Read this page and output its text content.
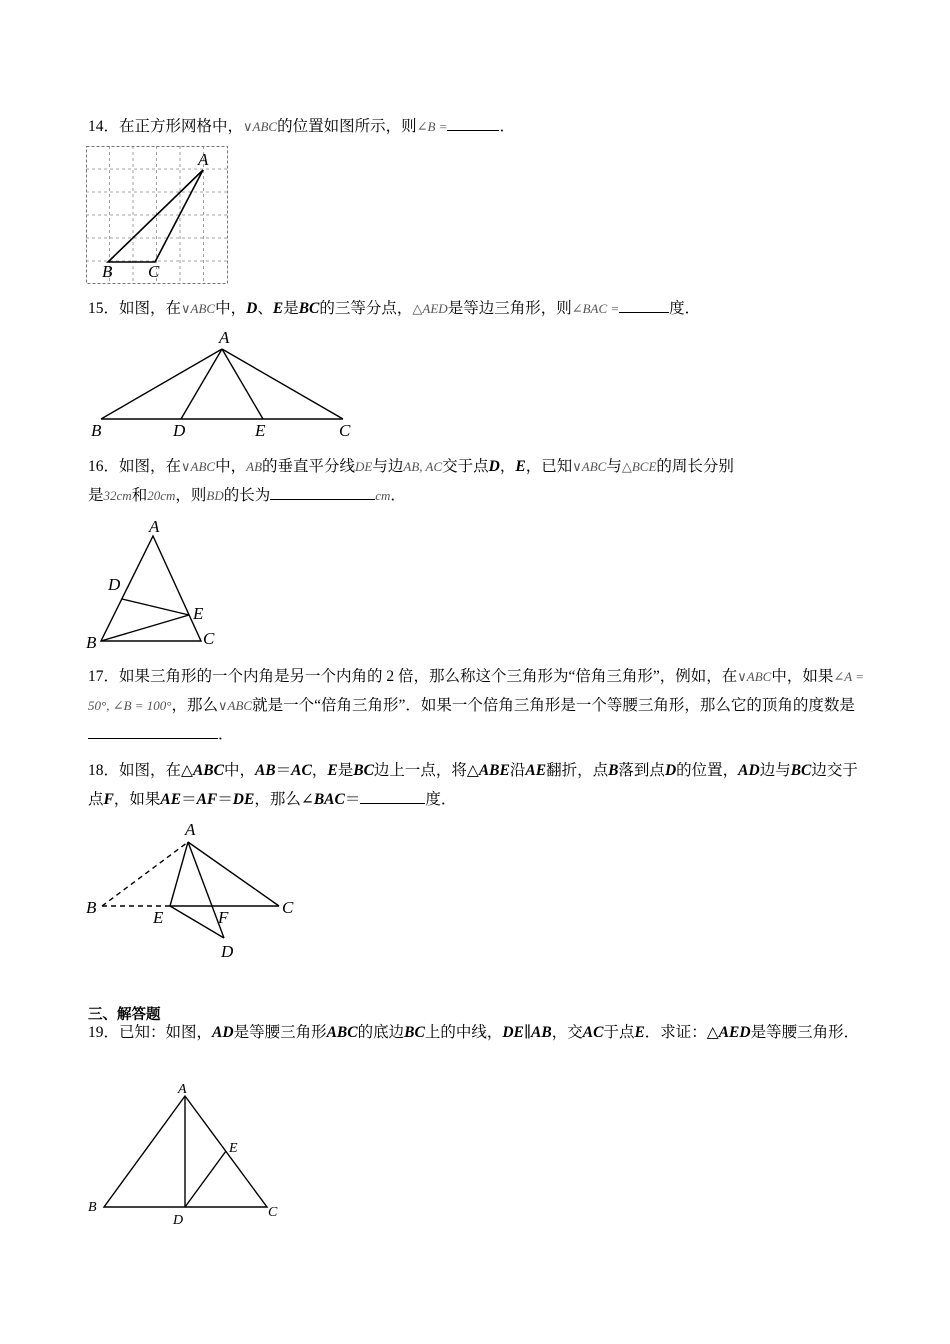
14．在正方形网格中，∨ABC的位置如图所示，则∠B =	．
A
B C
15．如图，在∨ABC中，D、E是BC的三等分点，△AED是等边三角形，则∠BAC =	度．
A
B	D	E	C
16．如图，在∨ABC中，AB的垂直平分线DE与边AB, AC交于点D，E，已知∨ABC与△BCE的周长分别
是32cm和20cm，则BD的长为	cm．
A
D
E
B	C
17．如果三角形的一个内角是另一个内角的 2 倍，那么称这个三角形为“倍角三角形”，例如，在∨ABC中，如果∠A = 50°, ∠B = 100°，那么∨ABC就是一个“倍角三角形”．如果一个倍角三角形是一个等腰三角形，那么它的顶角的度数是．
18．如图，在△ABC中，AB＝AC，E是BC边上一点，将△ABE沿AE翻折，点B落到点D的位置，AD边与BC边交于点F，如果AE＝AF＝DE，那么∠BAC＝	度．
A
B
E	F
C
D
三、解答题
19．已知：如图，AD是等腰三角形ABC的底边BC上的中线，DE∥AB，交AC于点E．求证：△AED是等腰三角形．
A
E
B
D
C
